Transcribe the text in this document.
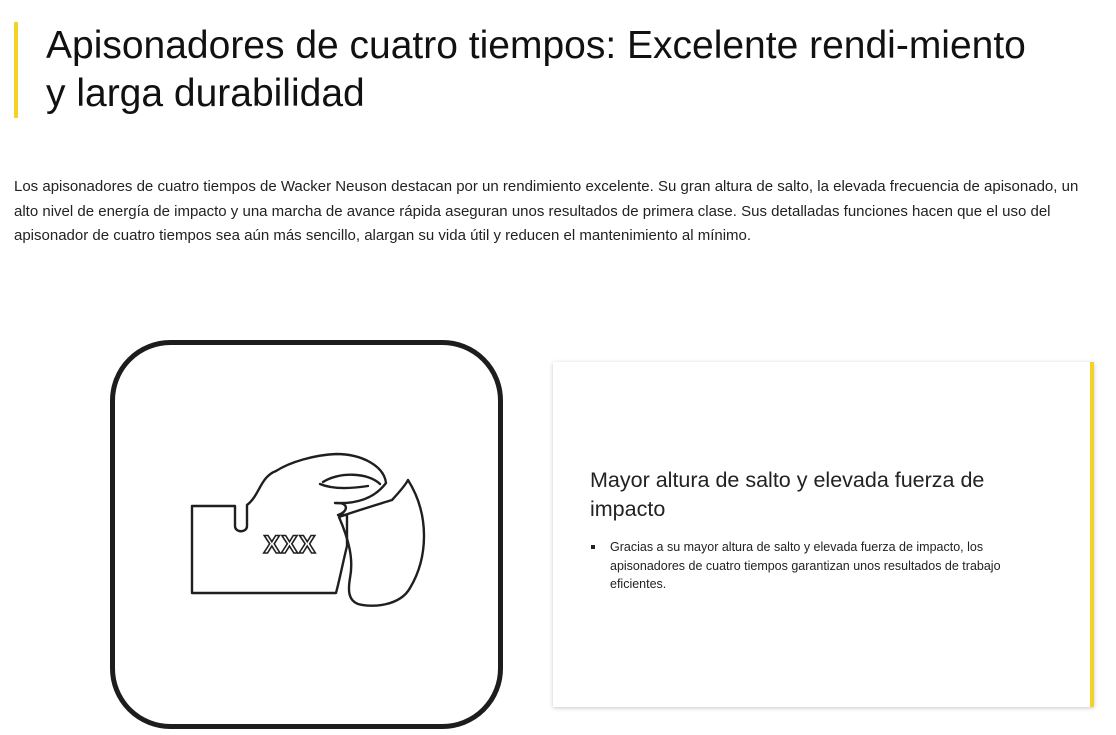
Apisonadores de cuatro tiempos: Excelente rendi-miento y larga durabilidad

Los apisonadores de cuatro tiempos de Wacker Neuson destacan por un rendimiento excelente. Su gran altura de salto, la elevada frecuencia de apisonado, un alto nivel de energía de impacto y una marcha de avance rápida aseguran unos resultados de primera clase. Sus detalladas funciones hacen que el uso del apisonador de cuatro tiempos sea aún más sencillo, alargan su vida útil y reducen el mantenimiento al mínimo.

XXX
Mayor altura de salto y elevada fuerza de impacto
Gracias a su mayor altura de salto y elevada fuerza de impacto, los apisonadores de cuatro tiempos garantizan unos resultados de trabajo eficientes.
